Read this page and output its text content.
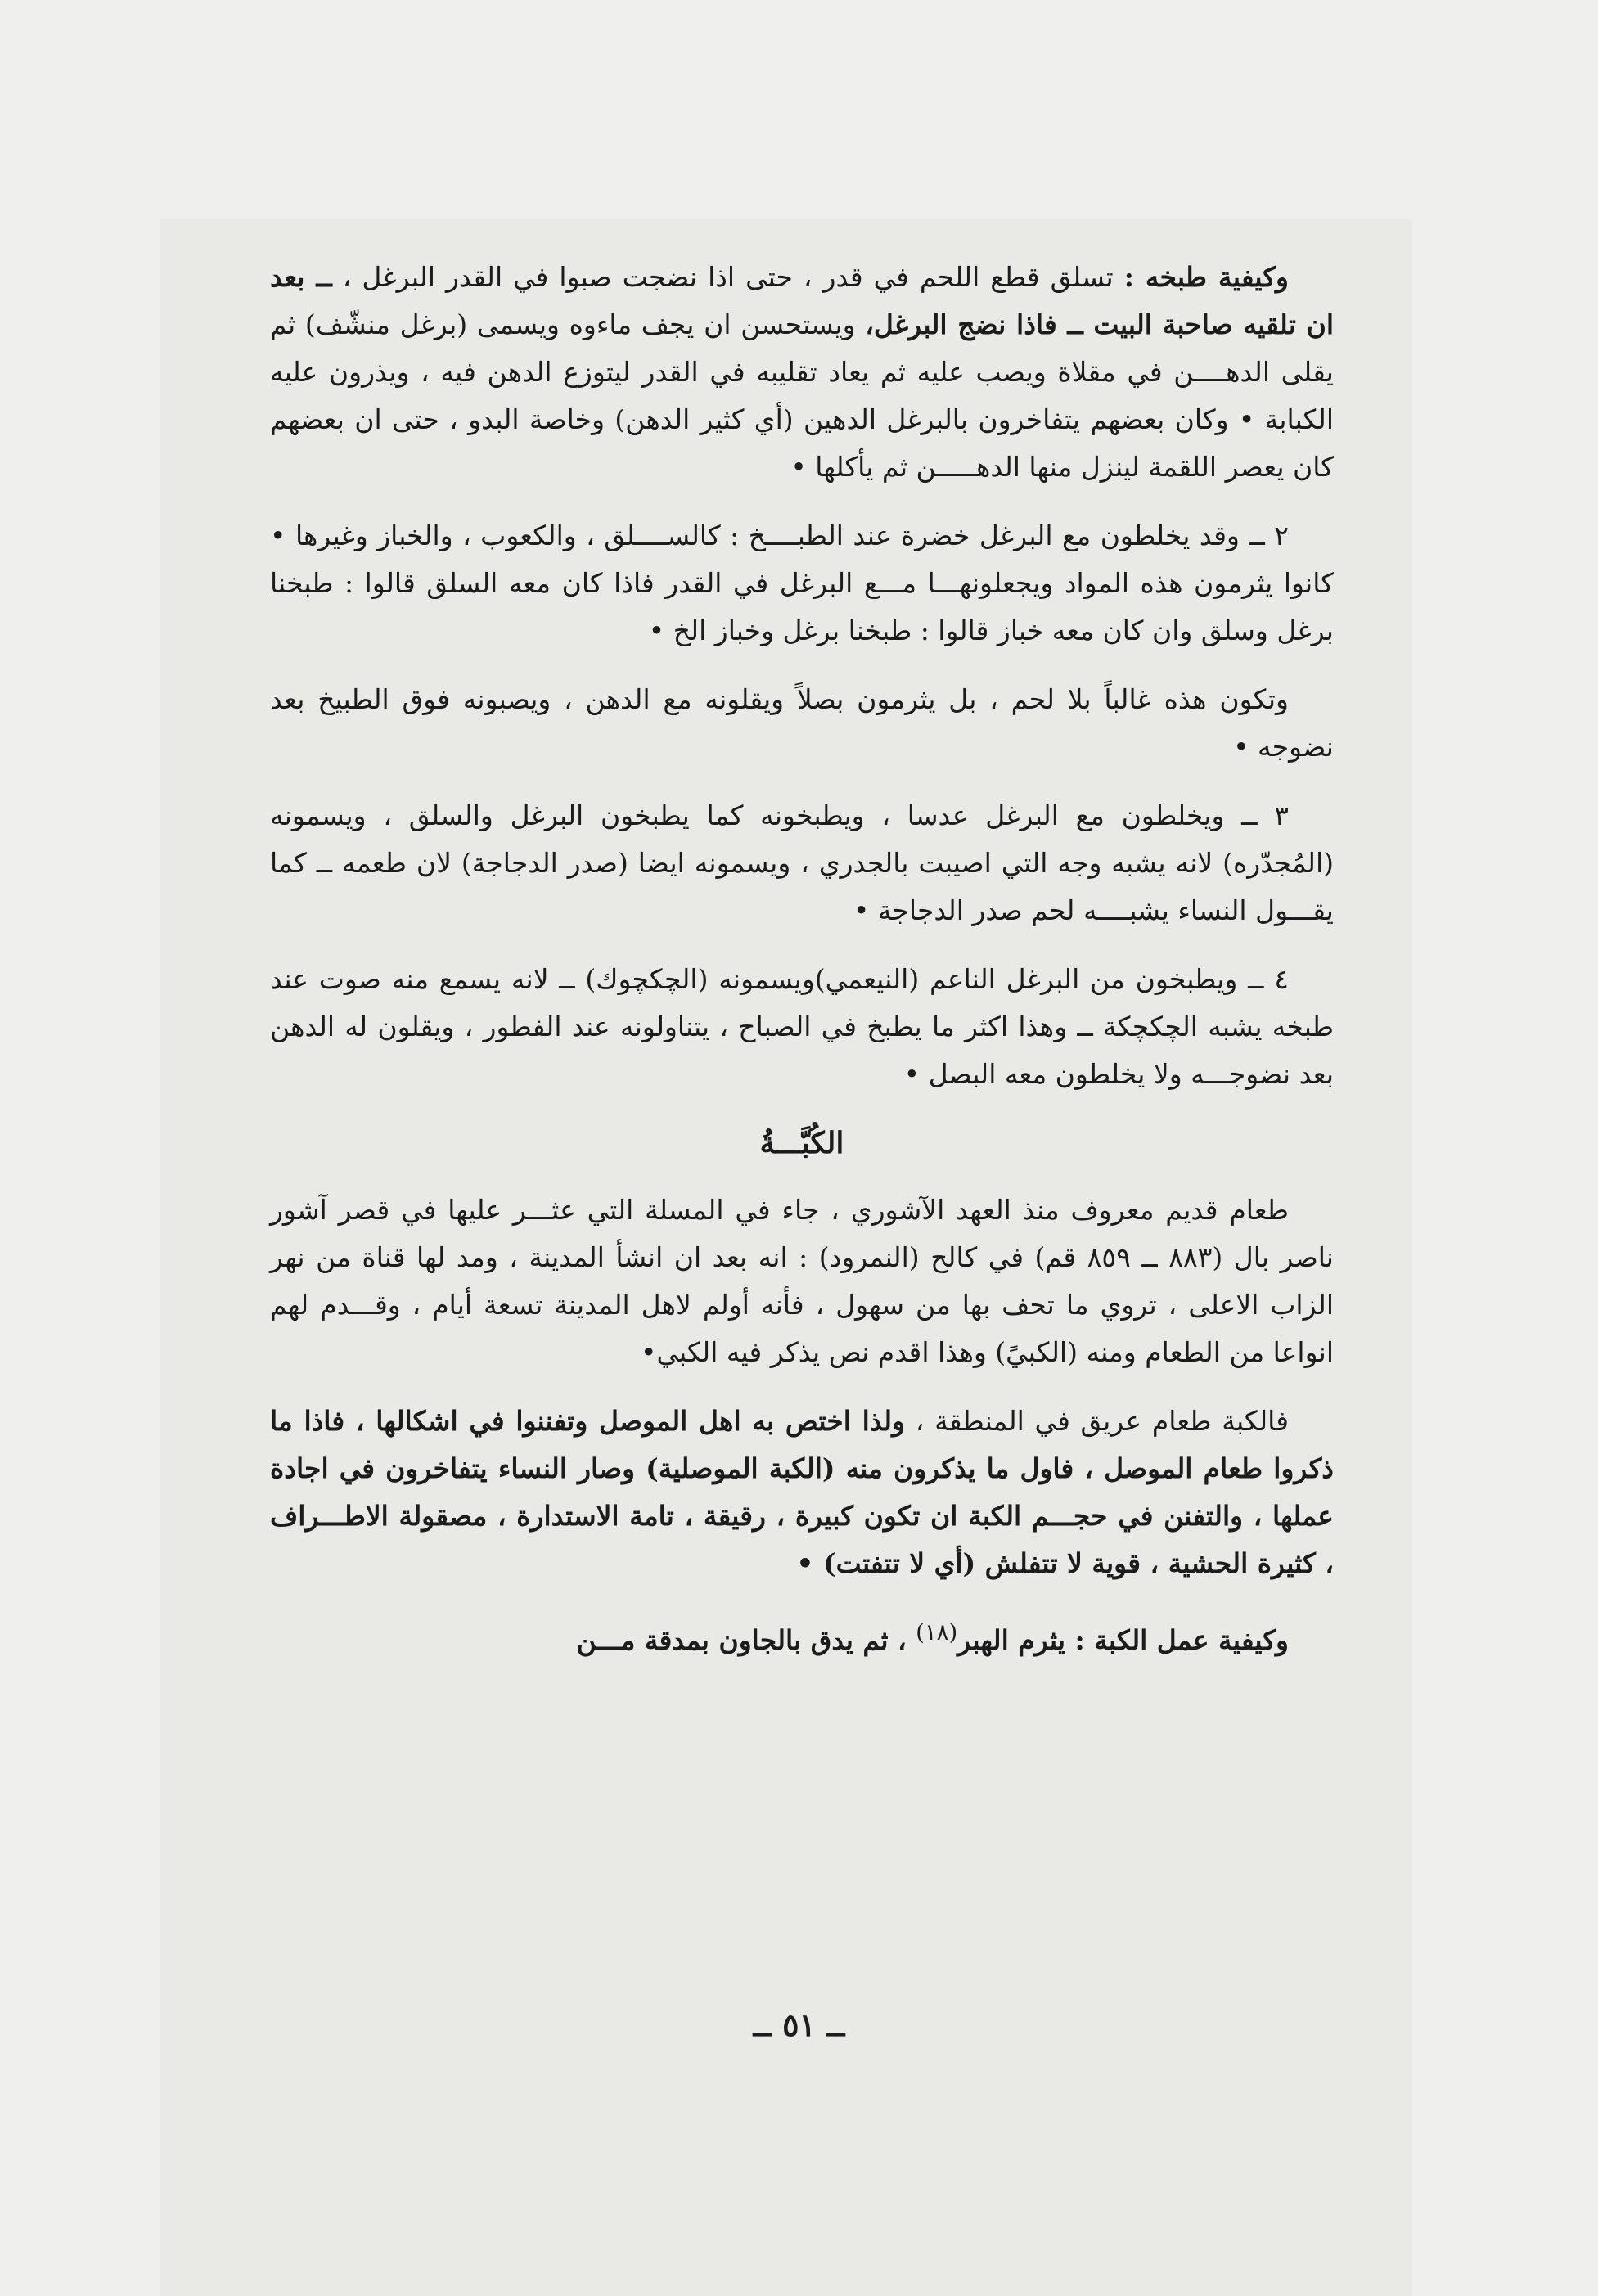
وكيفية طبخه : تسلق قطع اللحم في قدر ، حتى اذا نضجت صبوا في القدر البرغل ، ــ بعد ان تلقيه صاحبة البيت ــ فاذا نضج البرغل، ويستحسن ان يجف ماءوه ويسمى (برغل منشّف) ثم يقلى الدهــــن في مقلاة ويصب عليه ثم يعاد تقليبه في القدر ليتوزع الدهن فيه ، ويذرون عليه الكبابة • وكان بعضهم يتفاخرون بالبرغل الدهين (أي كثير الدهن) وخاصة البدو ، حتى ان بعضهم كان يعصر اللقمة لينزل منها الدهـــــن ثم يأكلها •

٢ ــ وقد يخلطون مع البرغل خضرة عند الطبــــخ : كالســــلق ، والكعوب ، والخباز وغيرها • كانوا يثرمون هذه المواد ويجعلونهـــا مـــع البرغل في القدر فاذا كان معه السلق قالوا : طبخنا برغل وسلق وان كان معه خباز قالوا : طبخنا برغل وخباز الخ •

وتكون هذه غالباً بلا لحم ، بل يثرمون بصلاً ويقلونه مع الدهن ، ويصبونه فوق الطبيخ بعد نضوجه •

٣ ــ ويخلطون مع البرغل عدسا ، ويطبخونه كما يطبخون البرغل والسلق ، ويسمونه (المُجدّره) لانه يشبه وجه التي اصيبت بالجدري ، ويسمونه ايضا (صدر الدجاجة) لان طعمه ــ كما يقـــول النساء يشبــــه لحم صدر الدجاجة •

٤ ــ ويطبخون من البرغل الناعم (النيعمي)ويسمونه (الچكچوك) ــ لانه يسمع منه صوت عند طبخه يشبه الچكچكة ــ وهذا اكثر ما يطبخ في الصباح ، يتناولونه عند الفطور ، ويقلون له الدهن بعد نضوجـــه ولا يخلطون معه البصل •

الكُبَّـــةُ

طعام قديم معروف منذ العهد الآشوري ، جاء في المسلة التي عثـــر عليها في قصر آشور ناصر بال (٨٨٣ ــ ٨٥٩ قم) في كالح (النمرود) : انه بعد ان انشأ المدينة ، ومد لها قناة من نهر الزاب الاعلى ، تروي ما تحف بها من سهول ، فأنه أولم لاهل المدينة تسعة أيام ، وقـــدم لهم انواعا من الطعام ومنه (الكبيً) وهذا اقدم نص يذكر فيه الكبي•

فالكبة طعام عريق في المنطقة ، ولذا اختص به اهل الموصل وتفننوا في اشكالها ، فاذا ما ذكروا طعام الموصل ، فاول ما يذكرون منه (الكبة الموصلية) وصار النساء يتفاخرون في اجادة عملها ، والتفنن في حجـــم الكبة ان تكون كبيرة ، رقيقة ، تامة الاستدارة ، مصقولة الاطـــراف ، كثيرة الحشية ، قوية لا تتفلش (أي لا تتفتت) •

وكيفية عمل الكبة : يثرم الهبر$^{(١٨)}$ ، ثم يدق بالجاون بمدقة مـــن

ــ ٥١ ــ
